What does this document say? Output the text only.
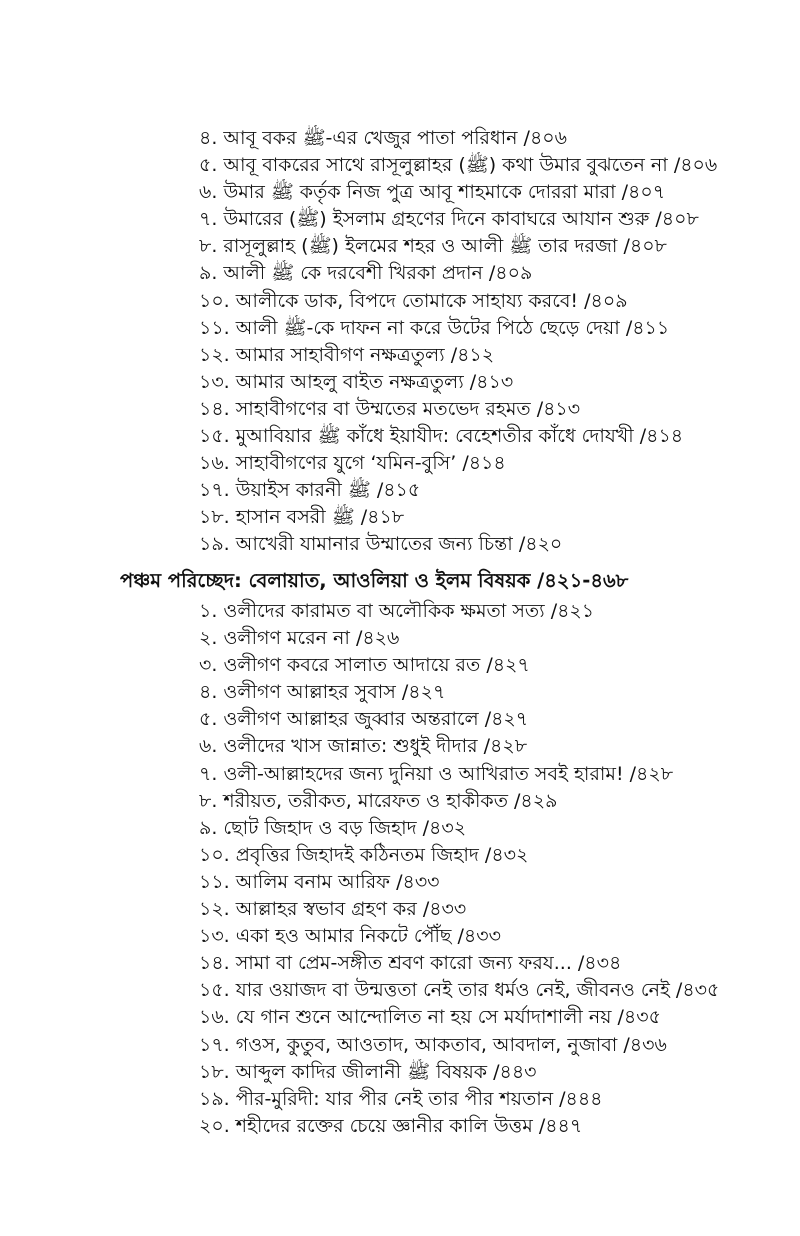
৪. আবূ বকর ﷺ-এর খেজুর পাতা পরিধান /৪০৬
৫. আবূ বাকরের সাথে রাসূলুল্লাহর (ﷺ) কথা উমার বুঝতেন না /৪০৬
৬. উমার ﷺ কর্তৃক নিজ পুত্র আবূ শাহমাকে দোররা মারা /৪০৭
৭. উমারের (ﷺ) ইসলাম গ্রহণের দিনে কাবাঘরে আযান শুরু /৪০৮
৮. রাসূলুল্লাহ (ﷺ) ইলমের শহর ও আলী ﷺ তার দরজা /৪০৮
৯. আলী ﷺ কে দরবেশী খিরকা প্রদান /৪০৯
১০. আলীকে ডাক, বিপদে তোমাকে সাহায্য করবে! /৪০৯
১১. আলী ﷺ-কে দাফন না করে উটের পিঠে ছেড়ে দেয়া /৪১১
১২. আমার সাহাবীগণ নক্ষত্রতুল্য /৪১২
১৩. আমার আহলু বাইত নক্ষত্রতুল্য /৪১৩
১৪. সাহাবীগণের বা উম্মতের মতভেদ রহমত /৪১৩
১৫. মুআবিয়ার ﷺ কাঁধে ইয়াযীদ: বেহেশতীর কাঁধে দোযখী /৪১৪
১৬. সাহাবীগণের যুগে ‘যমিন-বুসি’ /৪১৪
১৭. উয়াইস কারনী ﷺ /৪১৫
১৮. হাসান বসরী ﷺ /৪১৮
১৯. আখেরী যামানার উম্মাতের জন্য চিন্তা /৪২০
পঞ্চম পরিচ্ছেদ: বেলায়াত, আওলিয়া ও ইলম বিষয়ক /৪২১-৪৬৮
১. ওলীদের কারামত বা অলৌকিক ক্ষমতা সত্য /৪২১
২. ওলীগণ মরেন না /৪২৬
৩. ওলীগণ কবরে সালাত আদায়ে রত /৪২৭
৪. ওলীগণ আল্লাহর সুবাস /৪২৭
৫. ওলীগণ আল্লাহর জুব্বার অন্তরালে /৪২৭
৬. ওলীদের খাস জান্নাত: শুধুই দীদার /৪২৮
৭. ওলী-আল্লাহদের জন্য দুনিয়া ও আখিরাত সবই হারাম! /৪২৮
৮. শরীয়ত, তরীকত, মারেফত ও হাকীকত /৪২৯
৯. ছোট জিহাদ ও বড় জিহাদ /৪৩২
১০. প্রবৃত্তির জিহাদই কঠিনতম জিহাদ /৪৩২
১১. আলিম বনাম আরিফ /৪৩৩
১২. আল্লাহর স্বভাব গ্রহণ কর /৪৩৩
১৩. একা হও আমার নিকটে পৌঁছ /৪৩৩
১৪. সামা বা প্রেম-সঙ্গীত শ্রবণ কারো জন্য ফরয... /৪৩৪
১৫. যার ওয়াজদ বা উন্মত্ততা নেই তার ধর্মও নেই, জীবনও নেই /৪৩৫
১৬. যে গান শুনে আন্দোলিত না হয় সে মর্যাদাশালী নয় /৪৩৫
১৭. গওস, কুতুব, আওতাদ, আকতাব, আবদাল, নুজাবা /৪৩৬
১৮. আব্দুল কাদির জীলানী ﷺ বিষয়ক /৪৪৩
১৯. পীর-মুরিদী: যার পীর নেই তার পীর শয়তান /৪৪৪
২০. শহীদের রক্তের চেয়ে জ্ঞানীর কালি উত্তম /৪৪৭
